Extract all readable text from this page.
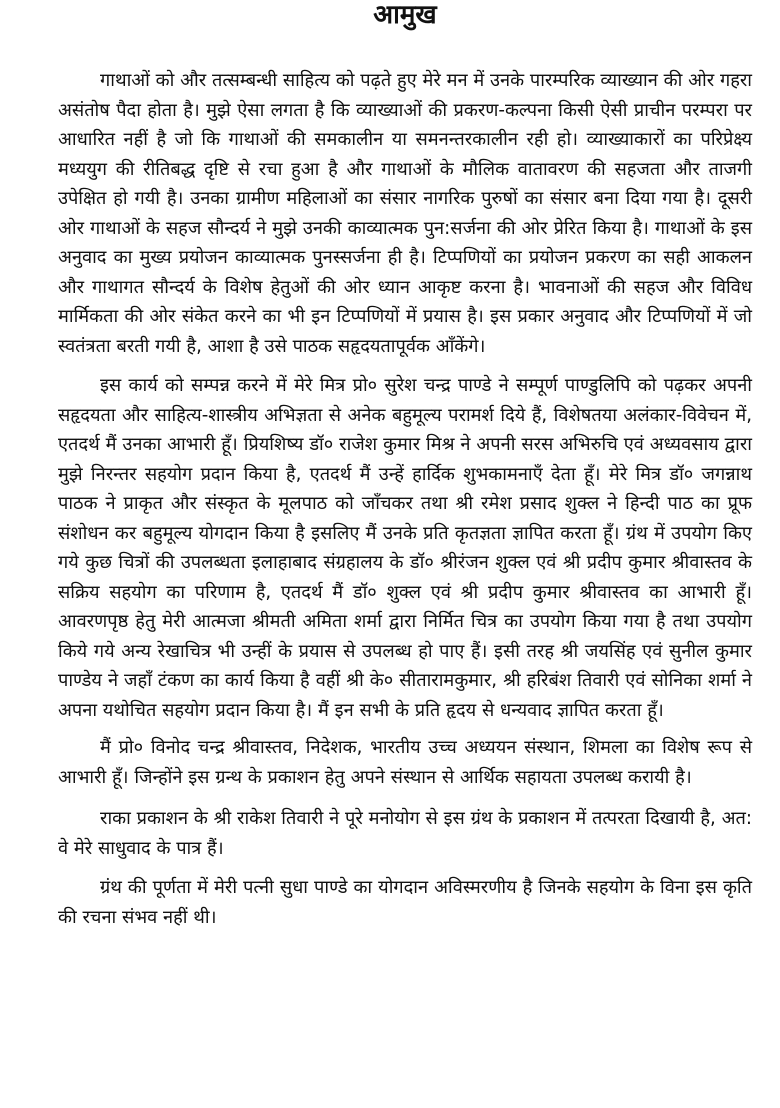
आमुख

गाथाओं को और तत्सम्बन्धी साहित्य को पढ़ते हुए मेरे मन में उनके पारम्परिक व्याख्यान की ओर गहरा असंतोष पैदा होता है। मुझे ऐसा लगता है कि व्याख्याओं की प्रकरण-कल्पना किसी ऐसी प्राचीन परम्परा पर आधारित नहीं है जो कि गाथाओं की समकालीन या समनन्तरकालीन रही हो। व्याख्याकारों का परिप्रेक्ष्य मध्ययुग की रीतिबद्ध दृष्टि से रचा हुआ है और गाथाओं के मौलिक वातावरण की सहजता और ताजगी उपेक्षित हो गयी है। उनका ग्रामीण महिलाओं का संसार नागरिक पुरुषों का संसार बना दिया गया है। दूसरी ओर गाथाओं के सहज सौन्दर्य ने मुझे उनकी काव्यात्मक पुन:सर्जना की ओर प्रेरित किया है। गाथाओं के इस अनुवाद का मुख्य प्रयोजन काव्यात्मक पुनस्सर्जना ही है। टिप्पणियों का प्रयोजन प्रकरण का सही आकलन और गाथागत सौन्दर्य के विशेष हेतुओं की ओर ध्यान आकृष्ट करना है। भावनाओं की सहज और विविध मार्मिकता की ओर संकेत करने का भी इन टिप्पणियों में प्रयास है। इस प्रकार अनुवाद और टिप्पणियों में जो स्वतंत्रता बरती गयी है, आशा है उसे पाठक सहृदयतापूर्वक आँकेंगे।

इस कार्य को सम्पन्न करने में मेरे मित्र प्रो० सुरेश चन्द्र पाण्डे ने सम्पूर्ण पाण्डुलिपि को पढ़कर अपनी सहृदयता और साहित्य-शास्त्रीय अभिज्ञता से अनेक बहुमूल्य परामर्श दिये हैं, विशेषतया अलंकार-विवेचन में, एतदर्थ मैं उनका आभारी हूँ। प्रियशिष्य डॉ० राजेश कुमार मिश्र ने अपनी सरस अभिरुचि एवं अध्यवसाय द्वारा मुझे निरन्तर सहयोग प्रदान किया है, एतदर्थ मैं उन्हें हार्दिक शुभकामनाएँ देता हूँ। मेरे मित्र डॉ० जगन्नाथ पाठक ने प्राकृत और संस्कृत के मूलपाठ को जाँचकर तथा श्री रमेश प्रसाद शुक्ल ने हिन्दी पाठ का प्रूफ संशोधन कर बहुमूल्य योगदान किया है इसलिए मैं उनके प्रति कृतज्ञता ज्ञापित करता हूँ। ग्रंथ में उपयोग किए गये कुछ चित्रों की उपलब्धता इलाहाबाद संग्रहालय के डॉ० श्रीरंजन शुक्ल एवं श्री प्रदीप कुमार श्रीवास्तव के सक्रिय सहयोग का परिणाम है, एतदर्थ मैं डॉ० शुक्ल एवं श्री प्रदीप कुमार श्रीवास्तव का आभारी हूँ। आवरणपृष्ठ हेतु मेरी आत्मजा श्रीमती अमिता शर्मा द्वारा निर्मित चित्र का उपयोग किया गया है तथा उपयोग किये गये अन्य रेखाचित्र भी उन्हीं के प्रयास से उपलब्ध हो पाए हैं। इसी तरह श्री जयसिंह एवं सुनील कुमार पाण्डेय ने जहाँ टंकण का कार्य किया है वहीं श्री के० सीतारामकुमार, श्री हरिबंश तिवारी एवं सोनिका शर्मा ने अपना यथोचित सहयोग प्रदान किया है। मैं इन सभी के प्रति हृदय से धन्यवाद ज्ञापित करता हूँ।

मैं प्रो० विनोद चन्द्र श्रीवास्तव, निदेशक, भारतीय उच्च अध्ययन संस्थान, शिमला का विशेष रूप से आभारी हूँ। जिन्होंने इस ग्रन्थ के प्रकाशन हेतु अपने संस्थान से आर्थिक सहायता उपलब्ध करायी है।

राका प्रकाशन के श्री राकेश तिवारी ने पूरे मनोयोग से इस ग्रंथ के प्रकाशन में तत्परता दिखायी है, अत: वे मेरे साधुवाद के पात्र हैं।

ग्रंथ की पूर्णता में मेरी पत्नी सुधा पाण्डे का योगदान अविस्मरणीय है जिनके सहयोग के विना इस कृति की रचना संभव नहीं थी।
